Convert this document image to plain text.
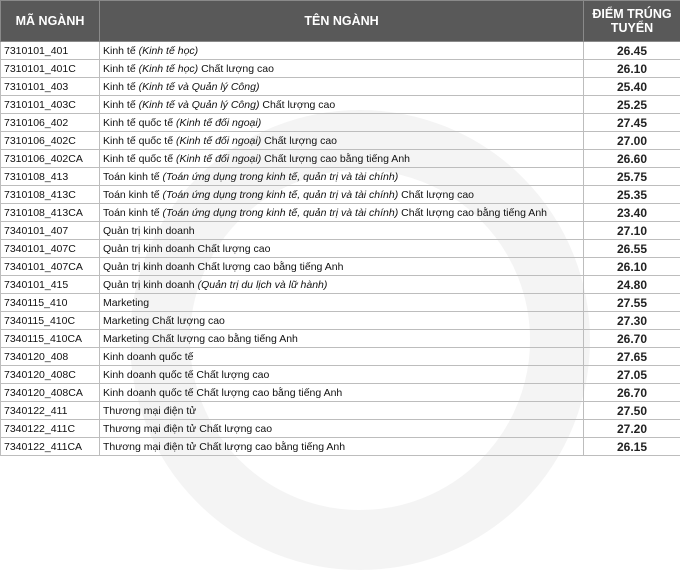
MÃ NGÀNH	TÊN NGÀNH	ĐIỂM TRÚNG TUYỂN
7310101_401	Kinh tế (Kinh tế học)	26.45
7310101_401C	Kinh tế (Kinh tế học) Chất lượng cao	26.10
7310101_403	Kinh tế (Kinh tế và Quản lý Công)	25.40
7310101_403C	Kinh tế (Kinh tế và Quản lý Công) Chất lượng cao	25.25
7310106_402	Kinh tế quốc tế (Kinh tế đối ngoại)	27.45
7310106_402C	Kinh tế quốc tế (Kinh tế đối ngoại) Chất lượng cao	27.00
7310106_402CA	Kinh tế quốc tế (Kinh tế đối ngoại) Chất lượng cao bằng tiếng Anh	26.60
7310108_413	Toán kinh tế (Toán ứng dụng trong kinh tế, quản trị và tài chính)	25.75
7310108_413C	Toán kinh tế (Toán ứng dụng trong kinh tế, quản trị và tài chính) Chất lượng cao	25.35
7310108_413CA	Toán kinh tế (Toán ứng dụng trong kinh tế, quản trị và tài chính) Chất lượng cao bằng tiếng Anh	23.40
7340101_407	Quản trị kinh doanh	27.10
7340101_407C	Quản trị kinh doanh Chất lượng cao	26.55
7340101_407CA	Quản trị kinh doanh Chất lượng cao bằng tiếng Anh	26.10
7340101_415	Quản trị kinh doanh (Quản trị du lịch và lữ hành)	24.80
7340115_410	Marketing	27.55
7340115_410C	Marketing Chất lượng cao	27.30
7340115_410CA	Marketing Chất lượng cao bằng tiếng Anh	26.70
7340120_408	Kinh doanh quốc tế	27.65
7340120_408C	Kinh doanh quốc tế Chất lượng cao	27.05
7340120_408CA	Kinh doanh quốc tế Chất lượng cao bằng tiếng Anh	26.70
7340122_411	Thương mại điện tử	27.50
7340122_411C	Thương mại điện tử Chất lượng cao	27.20
7340122_411CA	Thương mại điện tử Chất lượng cao bằng tiếng Anh	26.15
